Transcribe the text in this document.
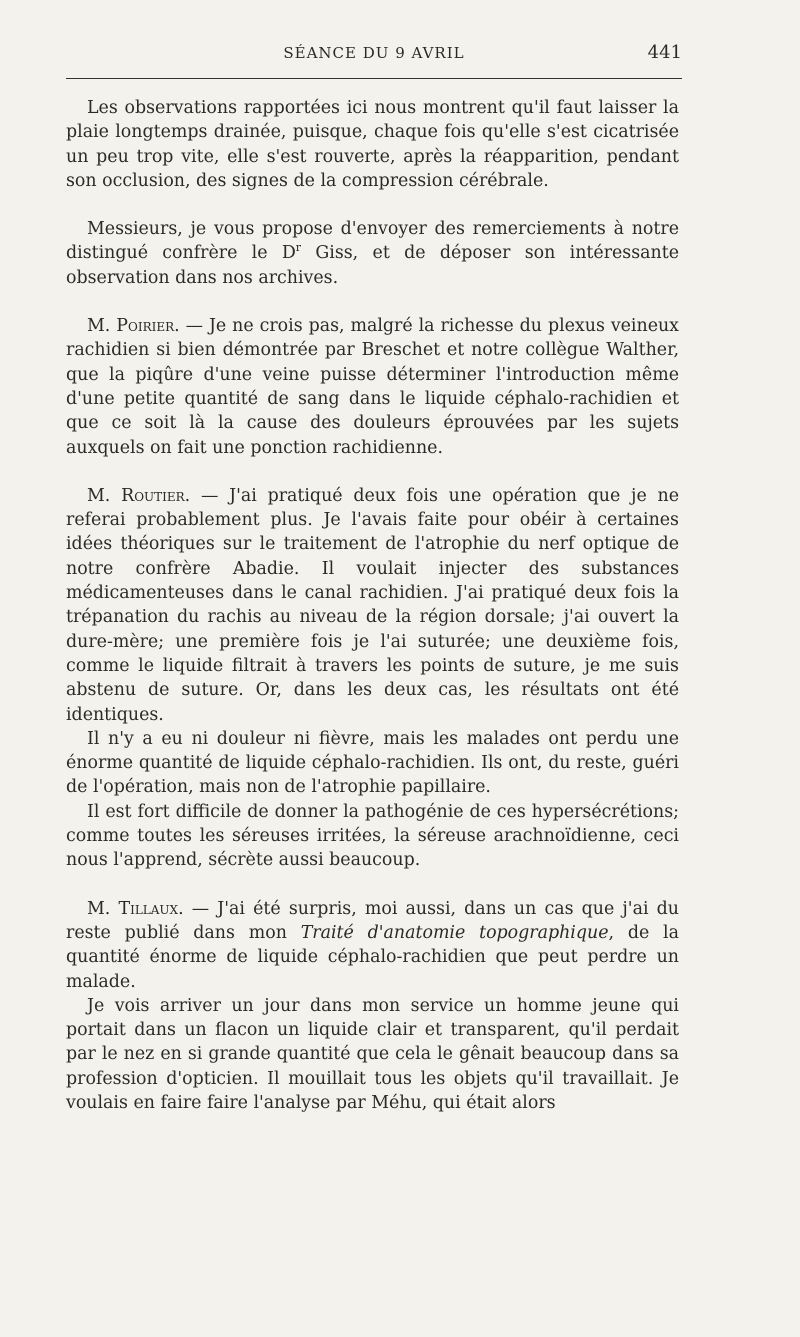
SÉANCE DU 9 AVRIL	441

Les observations rapportées ici nous montrent qu'il faut laisser la plaie longtemps drainée, puisque, chaque fois qu'elle s'est cicatrisée un peu trop vite, elle s'est rouverte, après la réapparition, pendant son occlusion, des signes de la compression cérébrale.

Messieurs, je vous propose d'envoyer des remerciements à notre distingué confrère le $D^r$ Giss, et de déposer son intéressante observation dans nos archives.

M. Poirier. — Je ne crois pas, malgré la richesse du plexus veineux rachidien si bien démontrée par Breschet et notre collègue Walther, que la piqûre d'une veine puisse déterminer l'introduction même d'une petite quantité de sang dans le liquide céphalo-rachidien et que ce soit là la cause des douleurs éprouvées par les sujets auxquels on fait une ponction rachidienne.

M. Routier. — J'ai pratiqué deux fois une opération que je ne referai probablement plus. Je l'avais faite pour obéir à certaines idées théoriques sur le traitement de l'atrophie du nerf optique de notre confrère Abadie. Il voulait injecter des substances médicamenteuses dans le canal rachidien. J'ai pratiqué deux fois la trépanation du rachis au niveau de la région dorsale; j'ai ouvert la dure-mère; une première fois je l'ai suturée; une deuxième fois, comme le liquide filtrait à travers les points de suture, je me suis abstenu de suture. Or, dans les deux cas, les résultats ont été identiques.

Il n'y a eu ni douleur ni fièvre, mais les malades ont perdu une énorme quantité de liquide céphalo-rachidien. Ils ont, du reste, guéri de l'opération, mais non de l'atrophie papillaire.

Il est fort difficile de donner la pathogénie de ces hypersécrétions; comme toutes les séreuses irritées, la séreuse arachnoïdienne, ceci nous l'apprend, sécrète aussi beaucoup.

M. Tillaux. — J'ai été surpris, moi aussi, dans un cas que j'ai du reste publié dans mon Traité d'anatomie topographique, de la quantité énorme de liquide céphalo-rachidien que peut perdre un malade.

Je vois arriver un jour dans mon service un homme jeune qui portait dans un flacon un liquide clair et transparent, qu'il perdait par le nez en si grande quantité que cela le gênait beaucoup dans sa profession d'opticien. Il mouillait tous les objets qu'il travaillait. Je voulais en faire faire l'analyse par Méhu, qui était alors
